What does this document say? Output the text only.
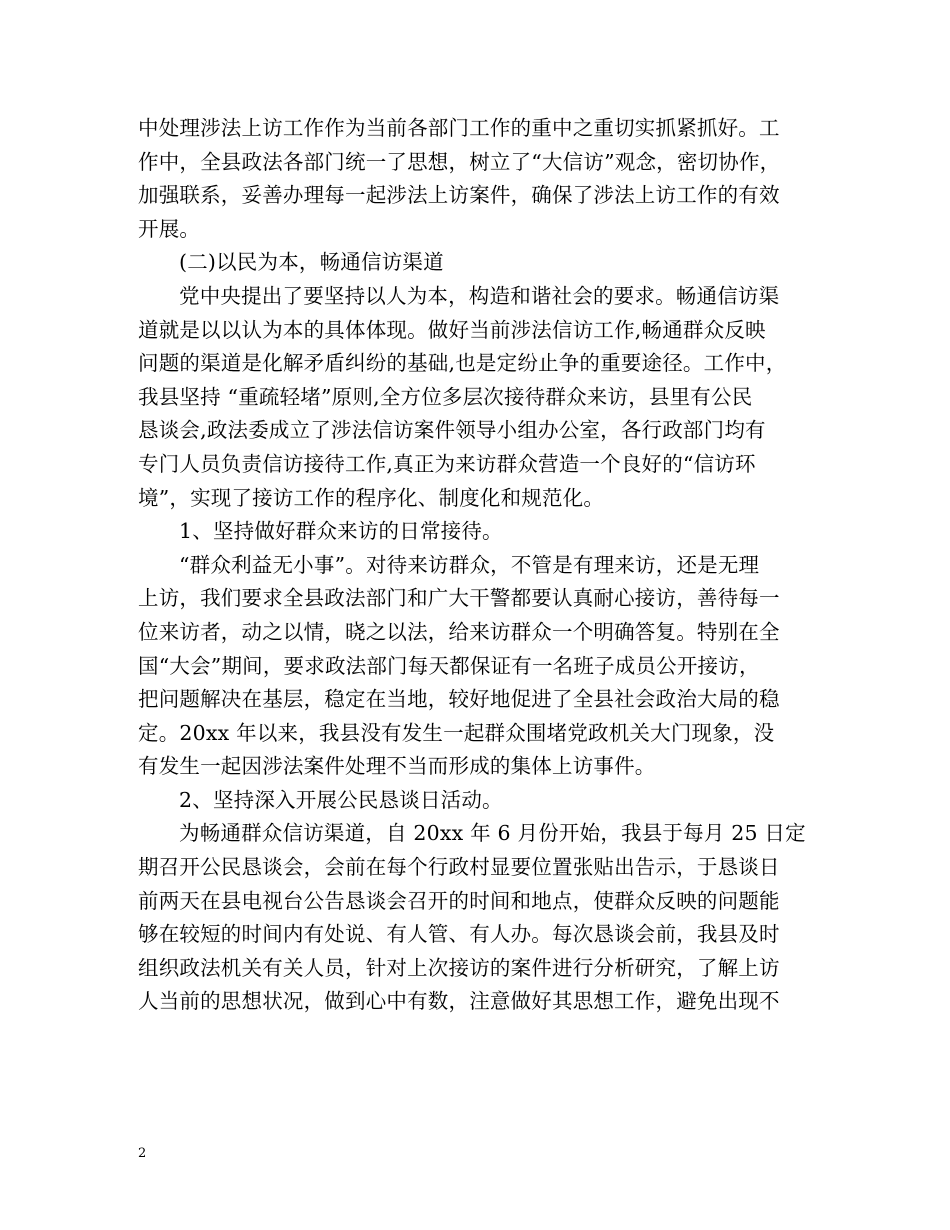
中处理涉法上访工作作为当前各部门工作的重中之重切实抓紧抓好。工
作中，全县政法各部门统一了思想，树立了“大信访”观念，密切协作，
加强联系，妥善办理每一起涉法上访案件，确保了涉法上访工作的有效
开展。
(二)以民为本，畅通信访渠道
党中央提出了要坚持以人为本，构造和谐社会的要求。畅通信访渠
道就是以以认为本的具体体现。做好当前涉法信访工作,畅通群众反映
问题的渠道是化解矛盾纠纷的基础,也是定纷止争的重要途径。工作中，
我县坚持 “重疏轻堵”原则,全方位多层次接待群众来访，县里有公民
恳谈会,政法委成立了涉法信访案件领导小组办公室，各行政部门均有
专门人员负责信访接待工作,真正为来访群众营造一个良好的“信访环
境”，实现了接访工作的程序化、制度化和规范化。
1、坚持做好群众来访的日常接待。
“群众利益无小事”。对待来访群众，不管是有理来访，还是无理
上访，我们要求全县政法部门和广大干警都要认真耐心接访，善待每一
位来访者，动之以情，晓之以法，给来访群众一个明确答复。特别在全
国“大会”期间，要求政法部门每天都保证有一名班子成员公开接访，
把问题解决在基层，稳定在当地，较好地促进了全县社会政治大局的稳
定。20xx 年以来，我县没有发生一起群众围堵党政机关大门现象，没
有发生一起因涉法案件处理不当而形成的集体上访事件。
2、坚持深入开展公民恳谈日活动。
为畅通群众信访渠道，自 20xx 年 6 月份开始，我县于每月 25 日定
期召开公民恳谈会，会前在每个行政村显要位置张贴出告示，于恳谈日
前两天在县电视台公告恳谈会召开的时间和地点，使群众反映的问题能
够在较短的时间内有处说、有人管、有人办。每次恳谈会前，我县及时
组织政法机关有关人员，针对上次接访的案件进行分析研究，了解上访
人当前的思想状况，做到心中有数，注意做好其思想工作，避免出现不
2
